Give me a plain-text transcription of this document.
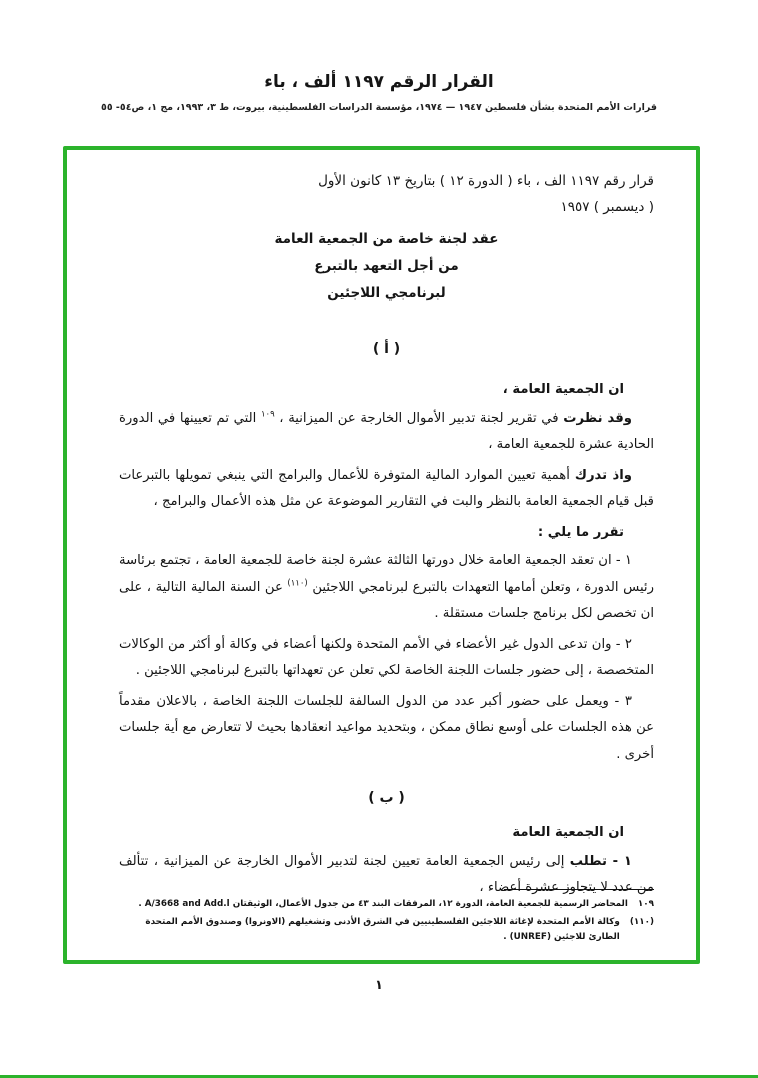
القرار الرقم ١١٩٧ ألف ، باء
قرارات الأمم المتحدة بشأن فلسطين ١٩٤٧ — ١٩٧٤، مؤسسة الدراسات الفلسطينية، بيروت، ط ٣، ١٩٩٣، مج ١، ص٥٤- ٥٥
قرار رقم ١١٩٧ الف ، باء ( الدورة ١٢ ) بتاريخ ١٣ كانون الأول
( ديسمبر ) ١٩٥٧
عقد لجنة خاصة من الجمعية العامة
من أجل التعهد بالتبرع
لبرنامجي اللاجئين
( أ )

ان الجمعية العامة ،

وقد نظرت في تقرير لجنة تدبير الأموال الخارجة عن الميزانية ، $^{١٠٩}$ التي تم تعيينها في الدورة الحادية عشرة للجمعية العامة ،

واذ تدرك أهمية تعيين الموارد المالية المتوفرة للأعمال والبرامج التي ينبغي تمويلها بالتبرعات قبل قيام الجمعية العامة بالنظر والبت في التقارير الموضوعة عن مثل هذه الأعمال والبرامج ،

تقرر ما يلي :

١ - ان تعقد الجمعية العامة خلال دورتها الثالثة عشرة لجنة خاصة للجمعية العامة ، تجتمع برئاسة رئيس الدورة ، وتعلن أمامها التعهدات بالتبرع لبرنامجي اللاجئين $^{(١١٠)}$ عن السنة المالية التالية ، على ان تخصص لكل برنامج جلسات مستقلة .

٢ - وان تدعى الدول غير الأعضاء في الأمم المتحدة ولكنها أعضاء في وكالة أو أكثر من الوكالات المتخصصة ، إلى حضور جلسات اللجنة الخاصة لكي تعلن عن تعهداتها بالتبرع لبرنامجي اللاجئين .

٣ - ويعمل على حضور أكبر عدد من الدول السالفة للجلسات اللجنة الخاصة ، بالاعلان مقدماً عن هذه الجلسات على أوسع نطاق ممكن ، وبتحديد مواعيد انعقادها بحيث لا تتعارض مع أية جلسات أخرى .

( ب )

ان الجمعية العامة

١ - تطلب إلى رئيس الجمعية العامة تعيين لجنة لتدبير الأموال الخارجة عن الميزانية ، تتألف من عدد لا يتجاوز عشرة أعضاء ،

١٠٩
المحاضر الرسمية للجمعية العامة، الدورة ١٢، المرفقات البند ٤٣ من جدول الأعمال، الوثيقتان A/3668 and Add.l .
(١١٠)
وكالة الأمم المتحدة لإغاثة اللاجئين الفلسطينيين في الشرق الأدنى وتشغيلهم (الاونروا) وصندوق الأمم المتحدة الطارئ للاجئين (UNREF) .
١
